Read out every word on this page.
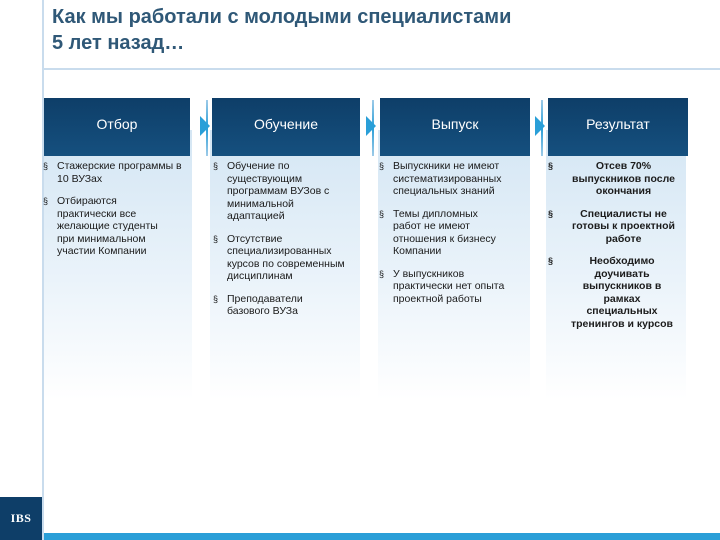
Как мы работали с молодыми специалистами
5 лет назад…
Отбор	Обучение	Выпуск	Результат
§ Стажерские программы в 10 ВУЗах
§ Отбираются практически все желающие студенты при минимальном участии Компании
§ Обучение по существующим программам ВУЗов с минимальной адаптацией
§ Отсутствие специализированных курсов по современным дисциплинам
§ Преподаватели базового ВУЗа
§ Выпускники не имеют систематизированных специальных знаний
§ Темы дипломных работ не имеют отношения к бизнесу Компании
§ У выпускников практически нет опыта проектной работы
§	Отсев 70% выпускников после окончания
§	Специалисты не готовы к проектной работе
§	Необходимо доучивать выпускников в рамках специальных тренингов и курсов
IBS
